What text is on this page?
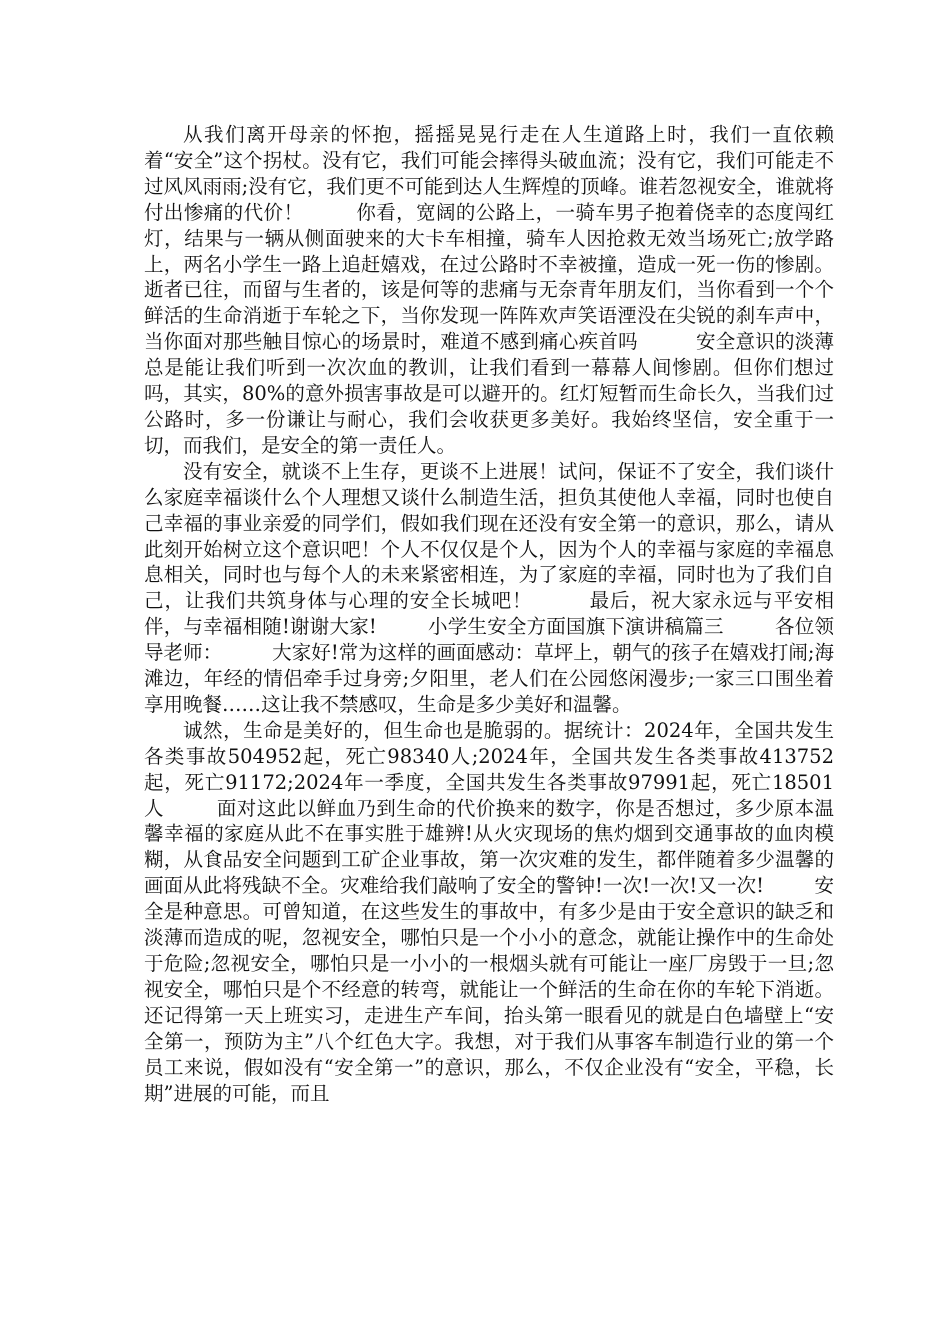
从我们离开母亲的怀抱，摇摇晃晃行走在人生道路上时，我们一直依赖着“安全”这个拐杖。没有它，我们可能会摔得头破血流；没有它，我们可能走不过风风雨雨;没有它，我们更不可能到达人生辉煌的顶峰。谁若忽视安全，谁就将付出惨痛的代价！        你看，宽阔的公路上，一骑车男子抱着侥幸的态度闯红灯，结果与一辆从侧面驶来的大卡车相撞，骑车人因抢救无效当场死亡;放学路上，两名小学生一路上追赶嬉戏，在过公路时不幸被撞，造成一死一伤的惨剧。逝者已往，而留与生者的，该是何等的悲痛与无奈青年朋友们，当你看到一个个鲜活的生命消逝于车轮之下，当你发现一阵阵欢声笑语湮没在尖锐的刹车声中，当你面对那些触目惊心的场景时，难道不感到痛心疾首吗         安全意识的淡薄总是能让我们听到一次次血的教训，让我们看到一幕幕人间惨剧。但你们想过吗，其实，80%的意外损害事故是可以避开的。红灯短暂而生命长久，当我们过公路时，多一份谦让与耐心，我们会收获更多美好。我始终坚信，安全重于一切，而我们，是安全的第一责任人。

没有安全，就谈不上生存，更谈不上进展！试问，保证不了安全，我们谈什么家庭幸福谈什么个人理想又谈什么制造生活，担负其使他人幸福，同时也使自己幸福的事业亲爱的同学们，假如我们现在还没有安全第一的意识，那么，请从此刻开始树立这个意识吧！个人不仅仅是个人，因为个人的幸福与家庭的幸福息息相关，同时也与每个人的未来紧密相连，为了家庭的幸福，同时也为了我们自己，让我们共筑身体与心理的安全长城吧！        最后，祝大家永远与平安相伴，与幸福相随!谢谢大家!        小学生安全方面国旗下演讲稿篇三        各位领导老师：        大家好!常为这样的画面感动：草坪上，朝气的孩子在嬉戏打闹;海滩边，年经的情侣牵手过身旁;夕阳里，老人们在公园悠闲漫步;一家三口围坐着享用晚餐……这让我不禁感叹，生命是多少美好和温馨。

诚然，生命是美好的，但生命也是脆弱的。据统计：2024年，全国共发生各类事故504952起，死亡98340人;2024年，全国共发生各类事故413752起，死亡91172;2024年一季度，全国共发生各类事故97991起，死亡18501人        面对这此以鲜血乃到生命的代价换来的数字，你是否想过，多少原本温馨幸福的家庭从此不在事实胜于雄辨!从火灾现场的焦灼烟到交通事故的血肉模糊，从食品安全问题到工矿企业事故，第一次灾难的发生，都伴随着多少温馨的画面从此将残缺不全。灾难给我们敲响了安全的警钟!一次!一次!又一次!        安全是种意思。可曾知道，在这些发生的事故中，有多少是由于安全意识的缺乏和淡薄而造成的呢，忽视安全，哪怕只是一个小小的意念，就能让操作中的生命处于危险;忽视安全，哪怕只是一小小的一根烟头就有可能让一座厂房毁于一旦;忽视安全，哪怕只是个不经意的转弯，就能让一个鲜活的生命在你的车轮下消逝。还记得第一天上班实习，走进生产车间，抬头第一眼看见的就是白色墙壁上“安全第一，预防为主”八个红色大字。我想，对于我们从事客车制造行业的第一个员工来说，假如没有“安全第一”的意识，那么，不仅企业没有“安全，平稳，长期”进展的可能，而且
